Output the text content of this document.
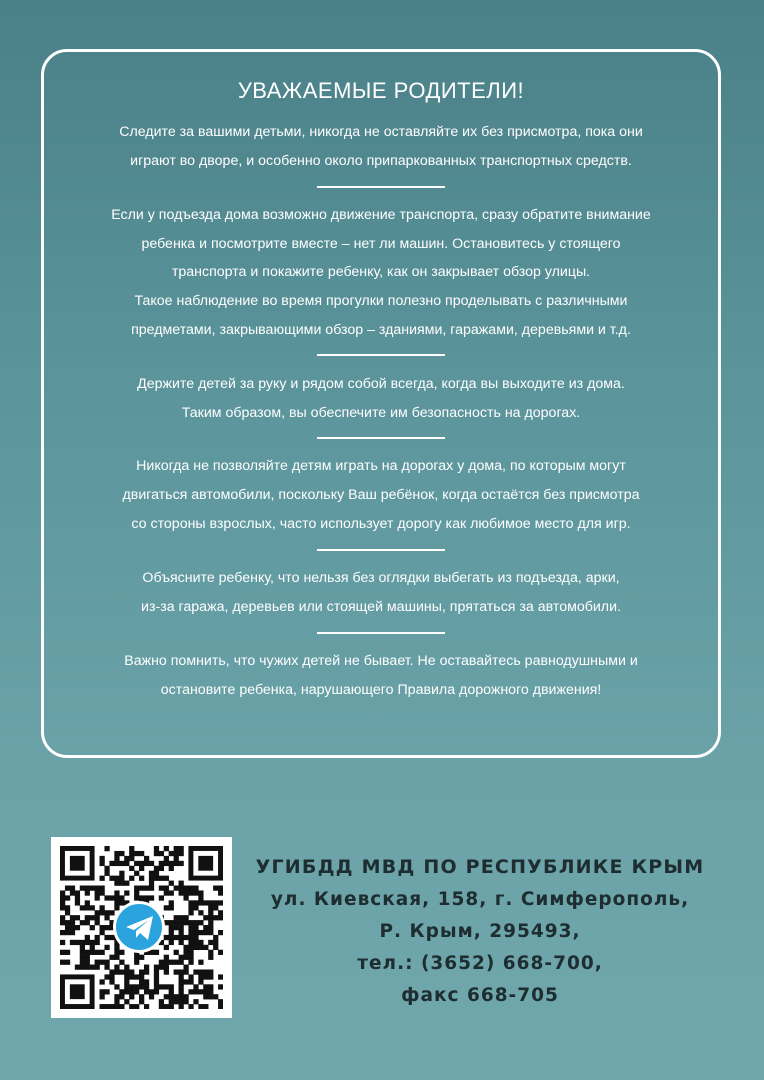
УВАЖАЕМЫЕ РОДИТЕЛИ!
Следите за вашими детьми, никогда не оставляйте их без присмотра, пока они
играют во дворе, и особенно около припаркованных транспортных средств.
Если у подъезда дома возможно движение транспорта, сразу обратите внимание
ребенка и посмотрите вместе – нет ли машин. Остановитесь у стоящего
транспорта и покажите ребенку, как он закрывает обзор улицы.
Такое наблюдение во время прогулки полезно проделывать с различными
предметами, закрывающими обзор – зданиями, гаражами, деревьями и т.д.
Держите детей за руку и рядом собой всегда, когда вы выходите из дома.
Таким образом, вы обеспечите им безопасность на дорогах.
Никогда не позволяйте детям играть на дорогах у дома, по которым могут
двигаться автомобили, поскольку Ваш ребёнок, когда остаётся без присмотра
со стороны взрослых, часто использует дорогу как любимое место для игр.
Объясните ребенку, что нельзя без оглядки выбегать из подъезда, арки,
из-за гаража, деревьев или стоящей машины, прятаться за автомобили.
Важно помнить, что чужих детей не бывает. Не оставайтесь равнодушными и
остановите ребенка, нарушающего Правила дорожного движения!
УГИБДД МВД ПО РЕСПУБЛИКЕ КРЫМ
ул. Киевская, 158, г. Симферополь,
Р. Крым, 295493,
тел.: (3652) 668-700,
факс 668-705
